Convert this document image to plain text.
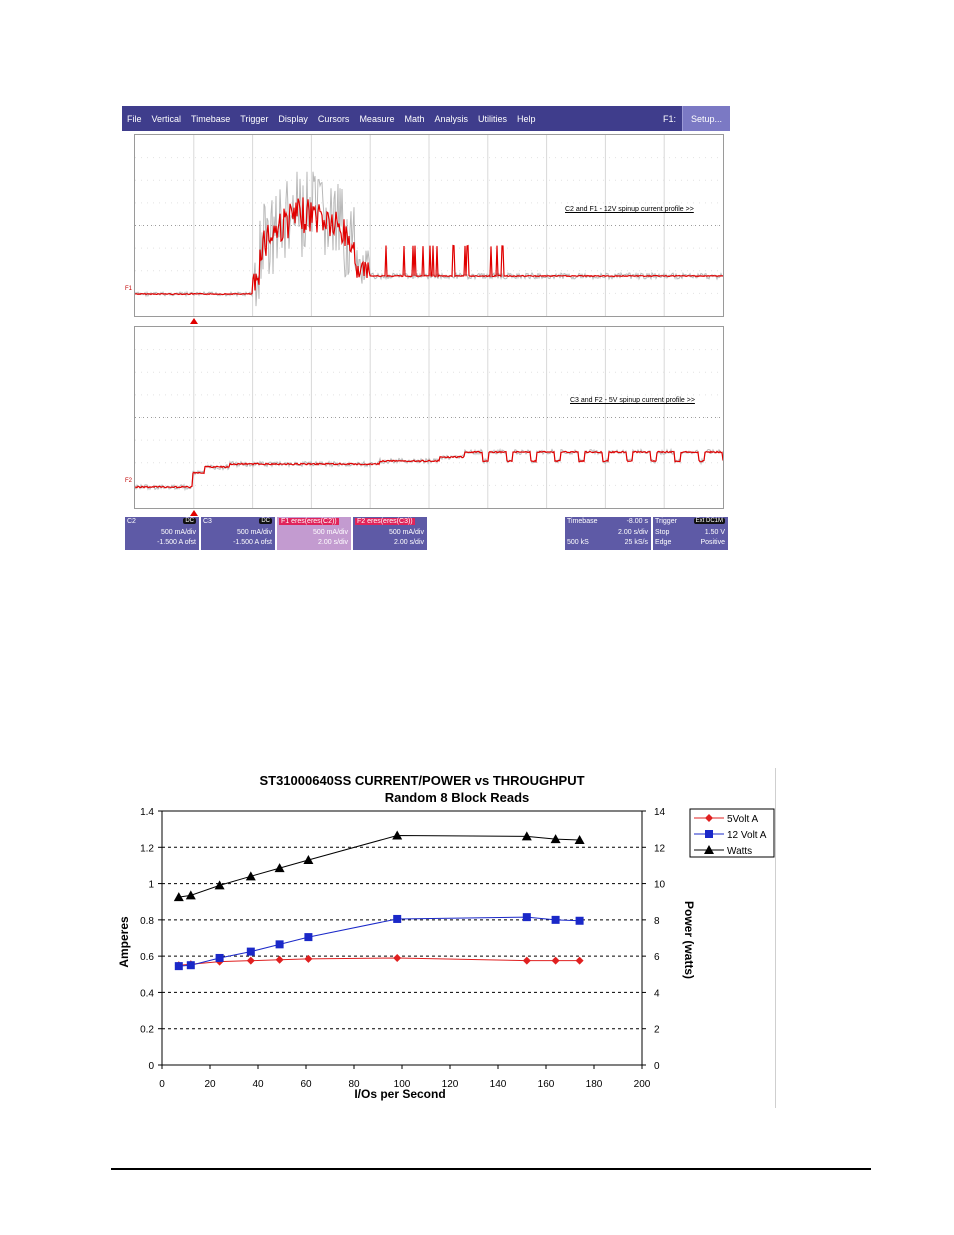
File	Vertical	Timebase	Trigger	Display	Cursors	Measure	Math	Analysis	Utilities	Help	F1:	Setup...
C2 and F1 - 12V spinup current profile >>
F1
C3 and F2 - 5V spinup current profile >>
F2
C2	DC
500 mA/div
-1.500 A ofst
C3	DC
500 mA/div
-1.500 A ofst
F1 eres(eres(C2))
500 mA/div
2.00 s/div
F2 eres(eres(C3))
500 mA/div
2.00 s/div
Timebase	-8.00 s
2.00 s/div
500 kS	25 kS/s
Trigger	Ext DC1M
Stop	1.50 V
Edge	Positive
ST31000640SS CURRENT/POWER vs THROUGHPUT
Random 8 Block Reads
I/Os per Second
Amperes	Power (watts)
0
0.2
0.4
0.6
0.8
1
1.2
1.4
0
2
4
6
8
10
12
14
0	20	40	60	80	100	120	140	160	180	200
5Volt A
12 Volt A
Watts
